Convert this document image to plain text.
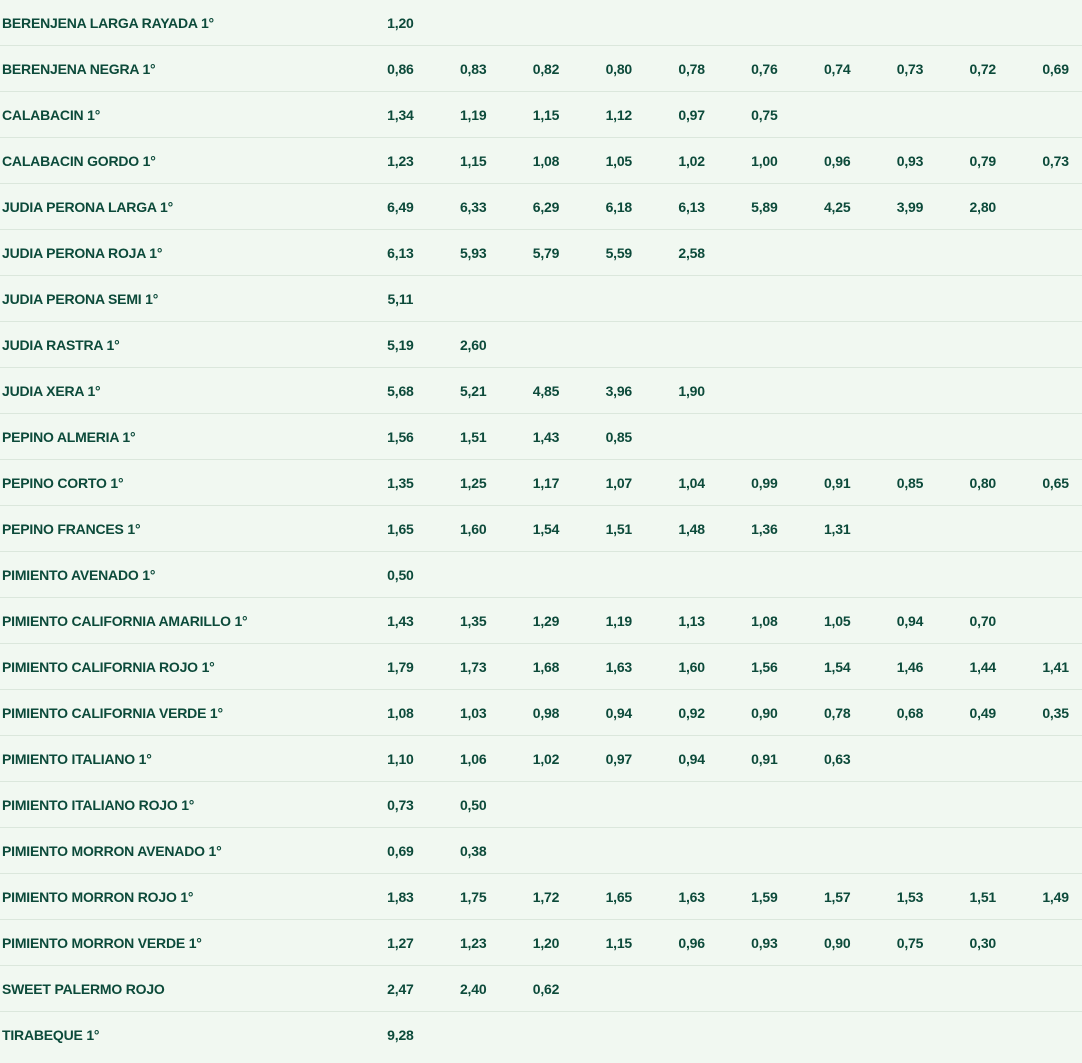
BERENJENA LARGA RAYADA 1°	1,20									
BERENJENA NEGRA 1°	0,86	0,83	0,82	0,80	0,78	0,76	0,74	0,73	0,72	0,69
CALABACIN 1°	1,34	1,19	1,15	1,12	0,97	0,75				
CALABACIN GORDO 1°	1,23	1,15	1,08	1,05	1,02	1,00	0,96	0,93	0,79	0,73
JUDIA PERONA LARGA 1°	6,49	6,33	6,29	6,18	6,13	5,89	4,25	3,99	2,80	
JUDIA PERONA ROJA 1°	6,13	5,93	5,79	5,59	2,58					
JUDIA PERONA SEMI 1°	5,11									
JUDIA RASTRA 1°	5,19	2,60								
JUDIA XERA 1°	5,68	5,21	4,85	3,96	1,90					
PEPINO ALMERIA 1°	1,56	1,51	1,43	0,85						
PEPINO CORTO 1°	1,35	1,25	1,17	1,07	1,04	0,99	0,91	0,85	0,80	0,65
PEPINO FRANCES 1°	1,65	1,60	1,54	1,51	1,48	1,36	1,31			
PIMIENTO AVENADO 1°	0,50									
PIMIENTO CALIFORNIA AMARILLO 1°	1,43	1,35	1,29	1,19	1,13	1,08	1,05	0,94	0,70	
PIMIENTO CALIFORNIA ROJO 1°	1,79	1,73	1,68	1,63	1,60	1,56	1,54	1,46	1,44	1,41
PIMIENTO CALIFORNIA VERDE 1°	1,08	1,03	0,98	0,94	0,92	0,90	0,78	0,68	0,49	0,35
PIMIENTO ITALIANO 1°	1,10	1,06	1,02	0,97	0,94	0,91	0,63			
PIMIENTO ITALIANO ROJO 1°	0,73	0,50								
PIMIENTO MORRON AVENADO 1°	0,69	0,38								
PIMIENTO MORRON ROJO 1°	1,83	1,75	1,72	1,65	1,63	1,59	1,57	1,53	1,51	1,49
PIMIENTO MORRON VERDE 1°	1,27	1,23	1,20	1,15	0,96	0,93	0,90	0,75	0,30	
SWEET PALERMO ROJO	2,47	2,40	0,62							
TIRABEQUE 1°	9,28									
